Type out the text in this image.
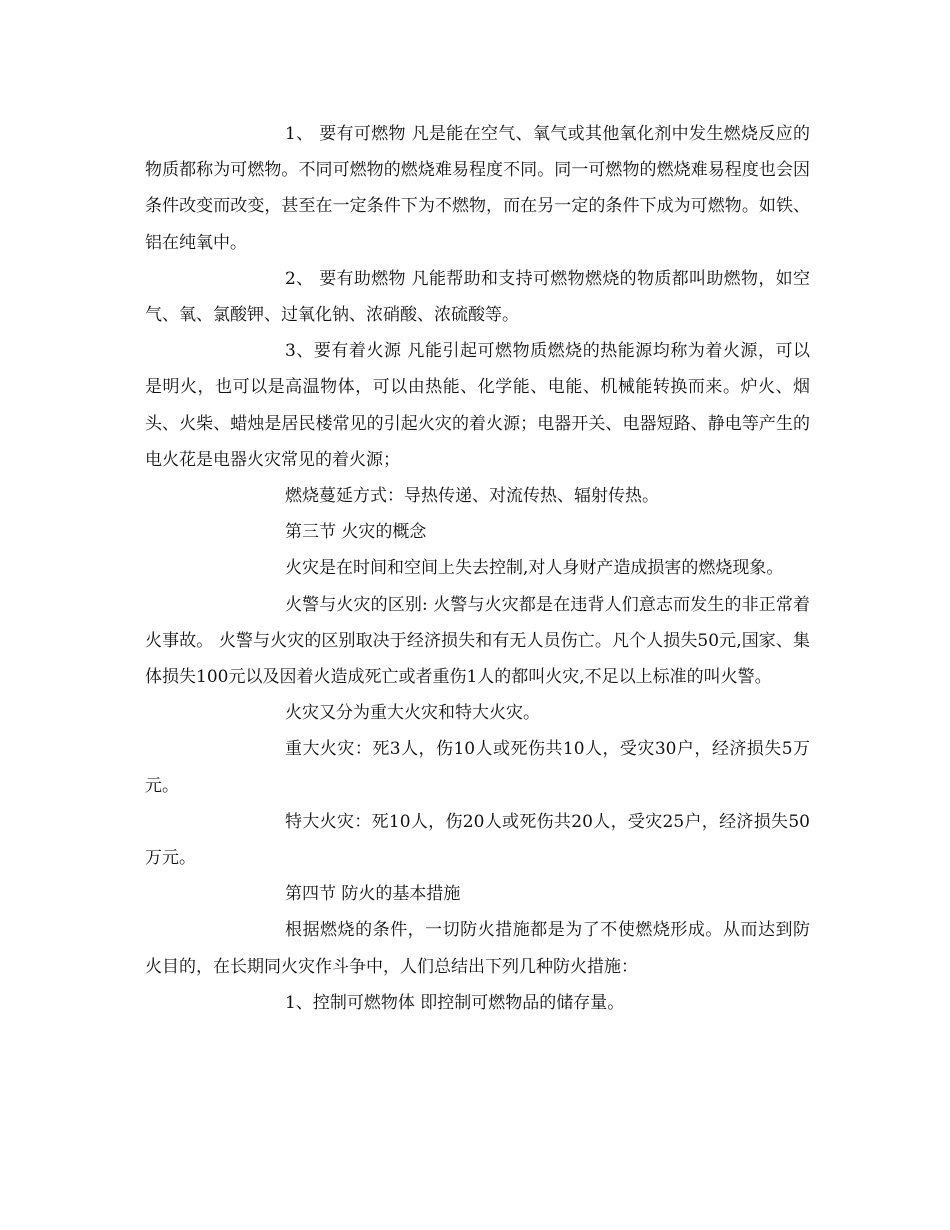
1、 要有可燃物 凡是能在空气、氧气或其他氧化剂中发生燃烧反应的物质都称为可燃物。不同可燃物的燃烧难易程度不同。同一可燃物的燃烧难易程度也会因条件改变而改变，甚至在一定条件下为不燃物，而在另一定的条件下成为可燃物。如铁、铝在纯氧中。

2、 要有助燃物 凡能帮助和支持可燃物燃烧的物质都叫助燃物，如空气、氧、氯酸钾、过氧化钠、浓硝酸、浓硫酸等。

3、要有着火源 凡能引起可燃物质燃烧的热能源均称为着火源，可以是明火，也可以是高温物体，可以由热能、化学能、电能、机械能转换而来。炉火、烟头、火柴、蜡烛是居民楼常见的引起火灾的着火源；电器开关、电器短路、静电等产生的电火花是电器火灾常见的着火源；

燃烧蔓延方式：导热传递、对流传热、辐射传热。

第三节 火灾的概念

火灾是在时间和空间上失去控制,对人身财产造成损害的燃烧现象。

火警与火灾的区别: 火警与火灾都是在违背人们意志而发生的非正常着火事故。 火警与火灾的区别取决于经济损失和有无人员伤亡。凡个人损失50元,国家、集体损失100元以及因着火造成死亡或者重伤1人的都叫火灾,不足以上标准的叫火警。

火灾又分为重大火灾和特大火灾。

重大火灾：死3人，伤10人或死伤共10人，受灾30户，经济损失5万元。

特大火灾：死10人，伤20人或死伤共20人，受灾25户，经济损失50万元。

第四节 防火的基本措施

根据燃烧的条件，一切防火措施都是为了不使燃烧形成。从而达到防火目的，在长期同火灾作斗争中，人们总结出下列几种防火措施：

1、控制可燃物体 即控制可燃物品的储存量。
